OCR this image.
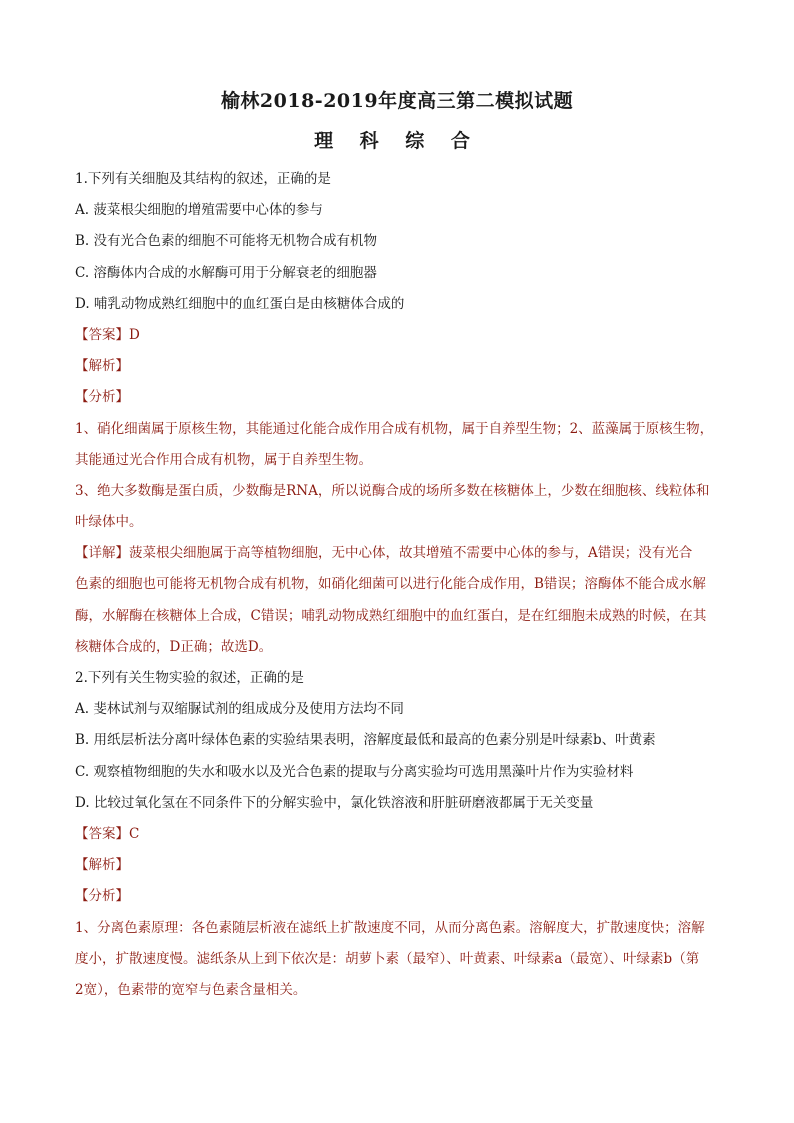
榆林2018-2019年度高三第二模拟试题
理 科 综 合
1.下列有关细胞及其结构的叙述，正确的是
A. 菠菜根尖细胞的增殖需要中心体的参与
B. 没有光合色素的细胞不可能将无机物合成有机物
C. 溶酶体内合成的水解酶可用于分解衰老的细胞器
D. 哺乳动物成熟红细胞中的血红蛋白是由核糖体合成的
【答案】D
【解析】
【分析】
1、硝化细菌属于原核生物，其能通过化能合成作用合成有机物，属于自养型生物；2、蓝藻属于原核生物，
其能通过光合作用合成有机物，属于自养型生物。
3、绝大多数酶是蛋白质，少数酶是RNA，所以说酶合成的场所多数在核糖体上，少数在细胞核、线粒体和
叶绿体中。
【详解】菠菜根尖细胞属于高等植物细胞，无中心体，故其增殖不需要中心体的参与，A错误；没有光合
色素的细胞也可能将无机物合成有机物，如硝化细菌可以进行化能合成作用，B错误；溶酶体不能合成水解
酶，水解酶在核糖体上合成，C错误；哺乳动物成熟红细胞中的血红蛋白，是在红细胞未成熟的时候，在其
核糖体合成的，D正确；故选D。
2.下列有关生物实验的叙述，正确的是
A. 斐林试剂与双缩脲试剂的组成成分及使用方法均不同
B. 用纸层析法分离叶绿体色素的实验结果表明，溶解度最低和最高的色素分别是叶绿素b、叶黄素
C. 观察植物细胞的失水和吸水以及光合色素的提取与分离实验均可选用黑藻叶片作为实验材料
D. 比较过氧化氢在不同条件下的分解实验中，氯化铁溶液和肝脏研磨液都属于无关变量
【答案】C
【解析】
【分析】
1、分离色素原理：各色素随层析液在滤纸上扩散速度不同，从而分离色素。溶解度大，扩散速度快；溶解
度小，扩散速度慢。滤纸条从上到下依次是：胡萝卜素（最窄）、叶黄素、叶绿素a（最宽）、叶绿素b（第
2宽），色素带的宽窄与色素含量相关。
